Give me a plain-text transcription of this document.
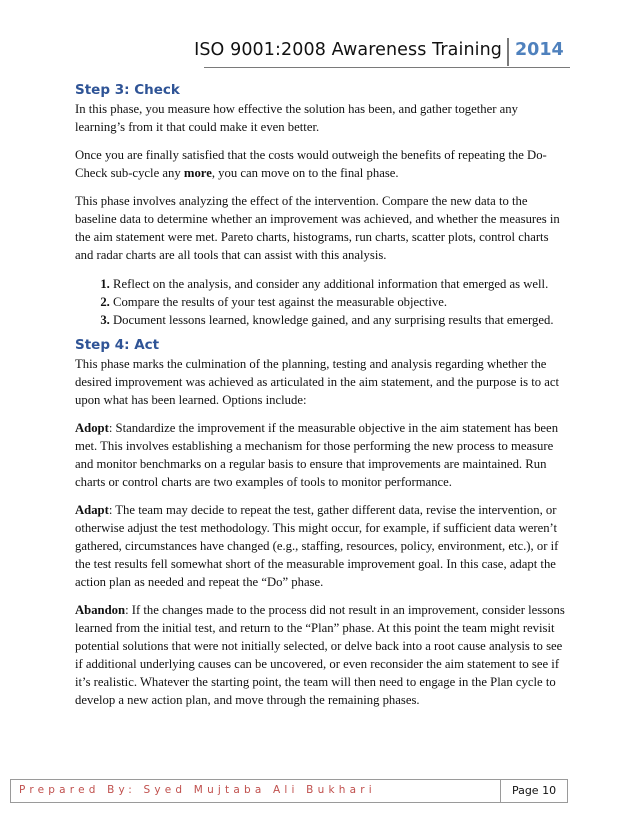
ISO 9001:2008 Awareness Training 2014
Step 3: Check

In this phase, you measure how effective the solution has been, and gather together any learning’s from it that could make it even better.

Once you are finally satisfied that the costs would outweigh the benefits of repeating the Do-Check sub-cycle any more, you can move on to the final phase.

This phase involves analyzing the effect of the intervention. Compare the new data to the baseline data to determine whether an improvement was achieved, and whether the measures in the aim statement were met. Pareto charts, histograms, run charts, scatter plots, control charts and radar charts are all tools that can assist with this analysis.

1. Reflect on the analysis, and consider any additional information that emerged as well.
2. Compare the results of your test against the measurable objective.
3. Document lessons learned, knowledge gained, and any surprising results that emerged.
Step 4: Act

This phase marks the culmination of the planning, testing and analysis regarding whether the desired improvement was achieved as articulated in the aim statement, and the purpose is to act upon what has been learned. Options include:

Adopt: Standardize the improvement if the measurable objective in the aim statement has been met. This involves establishing a mechanism for those performing the new process to measure and monitor benchmarks on a regular basis to ensure that improvements are maintained. Run charts or control charts are two examples of tools to monitor performance.

Adapt: The team may decide to repeat the test, gather different data, revise the intervention, or otherwise adjust the test methodology. This might occur, for example, if sufficient data weren’t gathered, circumstances have changed (e.g., staffing, resources, policy, environment, etc.), or if the test results fell somewhat short of the measurable improvement goal. In this case, adapt the action plan as needed and repeat the “Do” phase.

Abandon: If the changes made to the process did not result in an improvement, consider lessons learned from the initial test, and return to the “Plan” phase. At this point the team might revisit potential solutions that were not initially selected, or delve back into a root cause analysis to see if additional underlying causes can be uncovered, or even reconsider the aim statement to see if it’s realistic. Whatever the starting point, the team will then need to engage in the Plan cycle to develop a new action plan, and move through the remaining phases.

Prepared By: Syed Mujtaba Ali Bukhari	Page 10
